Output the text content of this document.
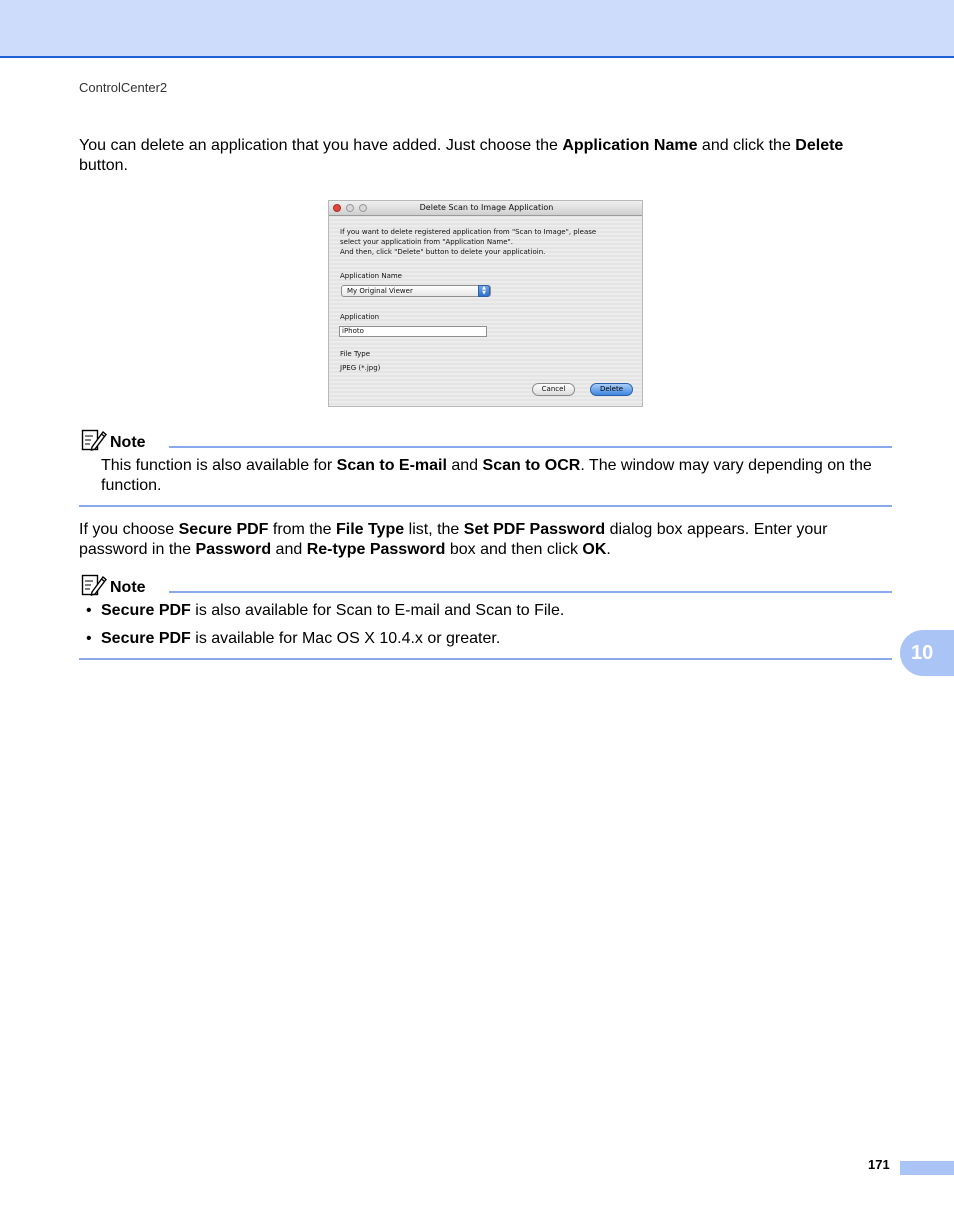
ControlCenter2
You can delete an application that you have added. Just choose the Application Name and click the Delete button.
Delete Scan to Image Application
If you want to delete registered application from "Scan to Image", please
select your applicatioin from "Application Name".
And then, click "Delete" button to delete your applicatioin.
Application Name
My Original Viewer	▲
▼
Application
iPhoto
File Type
JPEG (*.jpg)
Cancel	Delete
Note
This function is also available for Scan to E-mail and Scan to OCR. The window may vary depending on the function.
If you choose Secure PDF from the File Type list, the Set PDF Password dialog box appears. Enter your password in the Password and Re-type Password box and then click OK.
Note
• Secure PDF is also available for Scan to E-mail and Scan to File.
• Secure PDF is available for Mac OS X 10.4.x or greater.
10
171
